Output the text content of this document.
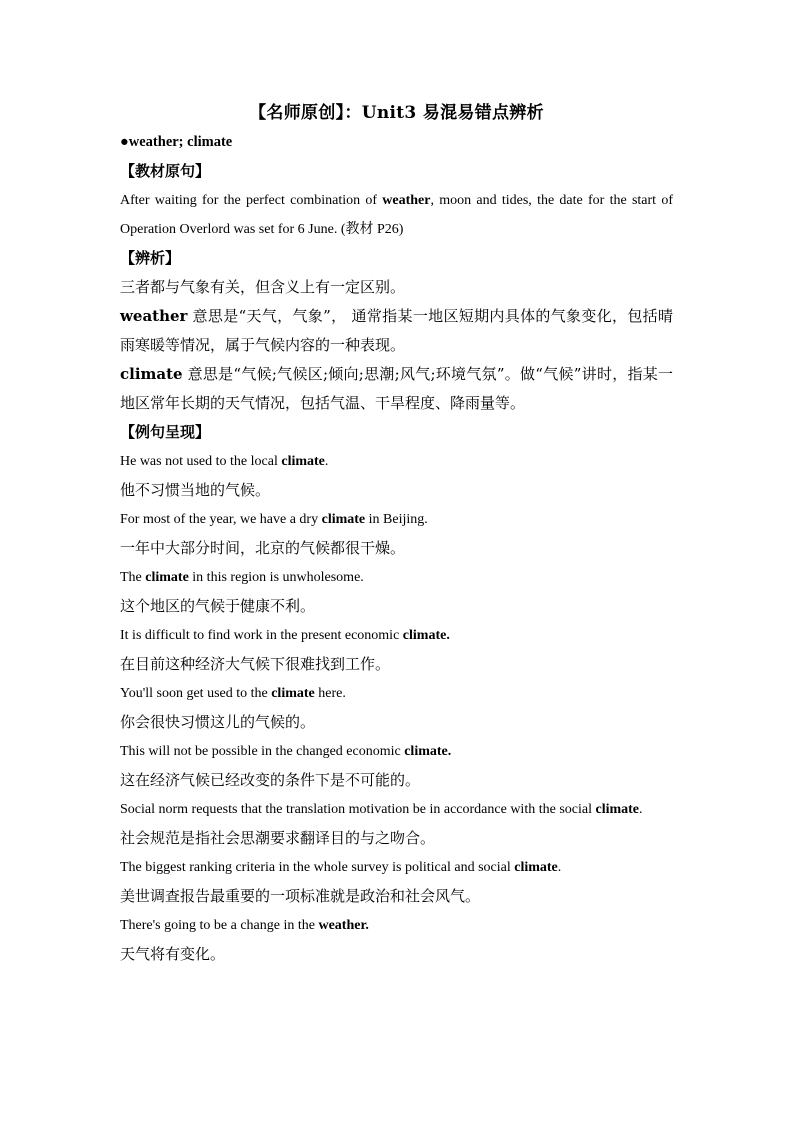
【名师原创】：Unit3 易混易错点辨析

●weather; climate

【教材原句】

After waiting for the perfect combination of weather, moon and tides, the date for the start of Operation Overlord was set for 6 June. (教材 P26)

【辨析】

三者都与气象有关，但含义上有一定区别。

weather 意思是“天气，气象”， 通常指某一地区短期内具体的气象变化，包括晴雨寒暖等情况，属于气候内容的一种表现。

climate 意思是“气候;气候区;倾向;思潮;风气;环境气氛”。做“气候”讲时，指某一地区常年长期的天气情况，包括气温、干旱程度、降雨量等。

【例句呈现】

He was not used to the local climate.

他不习惯当地的气候。

For most of the year, we have a dry climate in Beijing.

一年中大部分时间，北京的气候都很干燥。

The climate in this region is unwholesome.

这个地区的气候于健康不利。

It is difficult to find work in the present economic climate.

在目前这种经济大气候下很难找到工作。

You'll soon get used to the climate here.

你会很快习惯这儿的气候的。

This will not be possible in the changed economic climate.

这在经济气候已经改变的条件下是不可能的。

Social norm requests that the translation motivation be in accordance with the social climate.

社会规范是指社会思潮要求翻译目的与之吻合。

The biggest ranking criteria in the whole survey is political and social climate.

美世调查报告最重要的一项标准就是政治和社会风气。

There's going to be a change in the weather.

天气将有变化。
